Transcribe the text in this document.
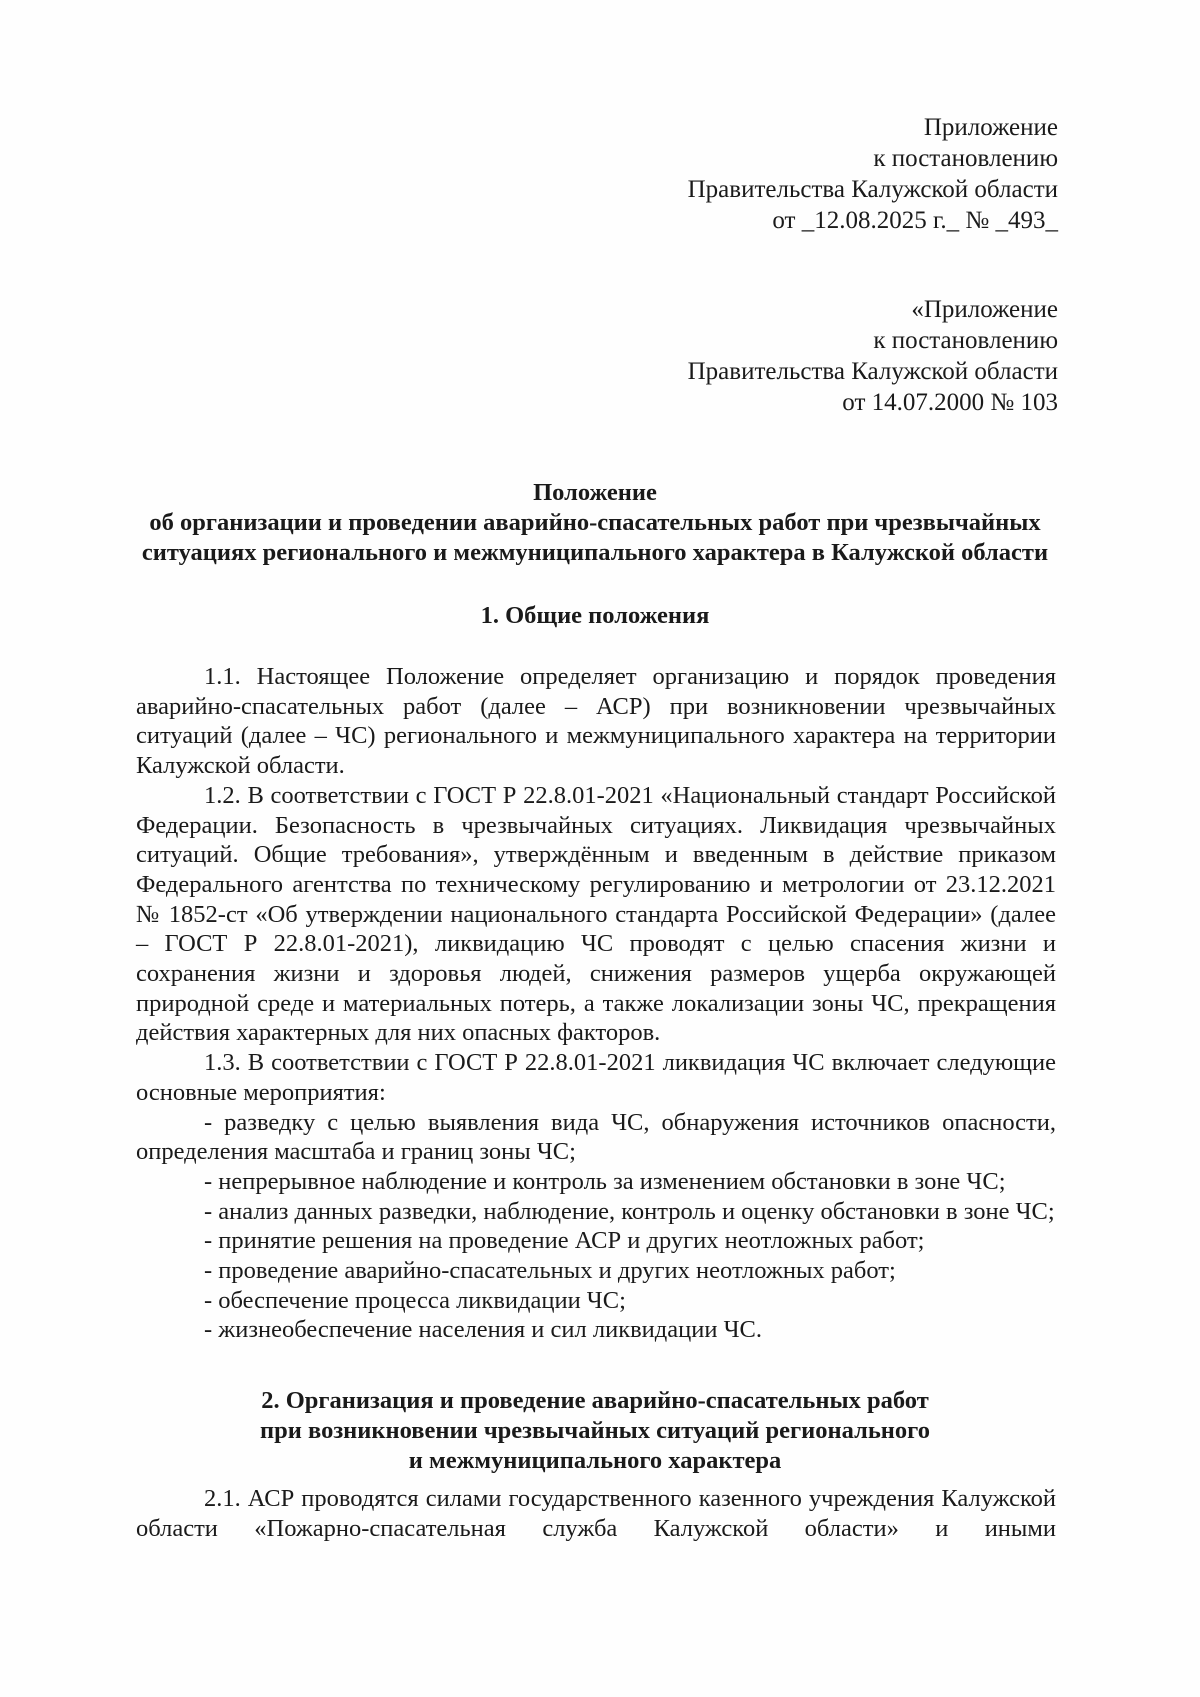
Приложение
к постановлению
Правительства Калужской области
от _12.08.2025 г._ № _493_
«Приложение
к постановлению
Правительства Калужской области
от 14.07.2000 № 103
Положение
об организации и проведении аварийно-спасательных работ при чрезвычайных
ситуациях регионального и межмуниципального характера в Калужской области
1. Общие положения

1.1. Настоящее Положение определяет организацию и порядок проведения аварийно-спасательных работ (далее – АСР) при возникновении чрезвычайных ситуаций (далее – ЧС) регионального и межмуниципального характера на территории Калужской области.

1.2. В соответствии с ГОСТ Р 22.8.01-2021 «Национальный стандарт Российской Федерации. Безопасность в чрезвычайных ситуациях. Ликвидация чрезвычайных ситуаций. Общие требования», утверждённым и введенным в действие приказом Федерального агентства по техническому регулированию и метрологии от 23.12.2021 № 1852-ст «Об утверждении национального стандарта Российской Федерации» (далее – ГОСТ Р 22.8.01-2021), ликвидацию ЧС проводят с целью спасения жизни и сохранения жизни и здоровья людей, снижения размеров ущерба окружающей природной среде и материальных потерь, а также локализации зоны ЧС, прекращения действия характерных для них опасных факторов.

1.3. В соответствии с ГОСТ Р 22.8.01-2021 ликвидация ЧС включает следующие основные мероприятия:

- разведку с целью выявления вида ЧС, обнаружения источников опасности, определения масштаба и границ зоны ЧС;

- непрерывное наблюдение и контроль за изменением обстановки в зоне ЧС;

- анализ данных разведки, наблюдение, контроль и оценку обстановки в зоне ЧС;

- принятие решения на проведение АСР и других неотложных работ;

- проведение аварийно-спасательных и других неотложных работ;

- обеспечение процесса ликвидации ЧС;

- жизнеобеспечение населения и сил ликвидации ЧС.

2. Организация и проведение аварийно-спасательных работ
при возникновении чрезвычайных ситуаций регионального
и межмуниципального характера

2.1. АСР проводятся силами государственного казенного учреждения Калужской области «Пожарно-спасательная служба Калужской области» и иными
